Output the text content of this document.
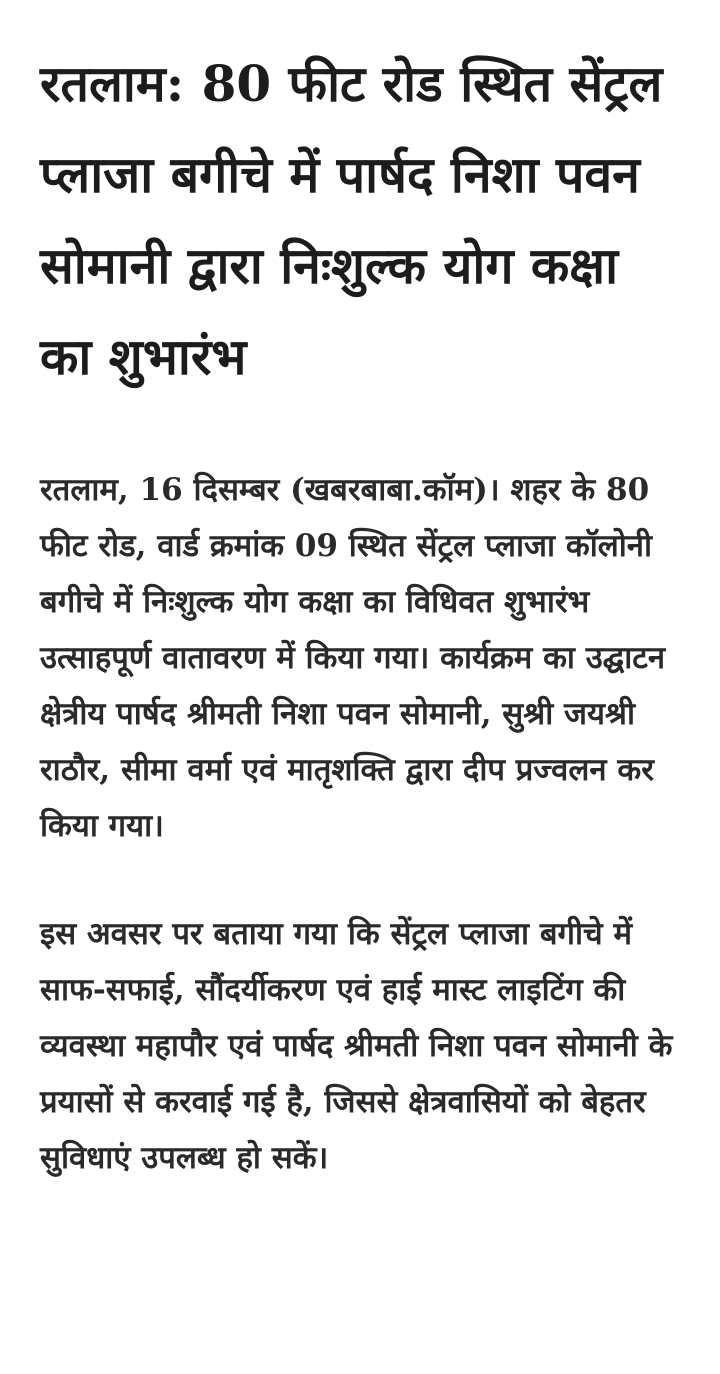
रतलाम: 80 फीट रोड स्थित सेंट्रल प्लाजा बगीचे में पार्षद निशा पवन सोमानी द्वारा निःशुल्क योग कक्षा का शुभारंभ

रतलाम, 16 दिसम्बर (खबरबाबा.कॉम)। शहर के 80 फीट रोड, वार्ड क्रमांक 09 स्थित सेंट्रल प्लाजा कॉलोनी बगीचे में निःशुल्क योग कक्षा का विधिवत शुभारंभ उत्साहपूर्ण वातावरण में किया गया। कार्यक्रम का उद्घाटन क्षेत्रीय पार्षद श्रीमती निशा पवन सोमानी, सुश्री जयश्री राठौर, सीमा वर्मा एवं मातृशक्ति द्वारा दीप प्रज्वलन कर किया गया।

इस अवसर पर बताया गया कि सेंट्रल प्लाजा बगीचे में साफ-सफाई, सौंदर्यीकरण एवं हाई मास्ट लाइटिंग की व्यवस्था महापौर एवं पार्षद श्रीमती निशा पवन सोमानी के प्रयासों से करवाई गई है, जिससे क्षेत्रवासियों को बेहतर सुविधाएं उपलब्ध हो सकें।
